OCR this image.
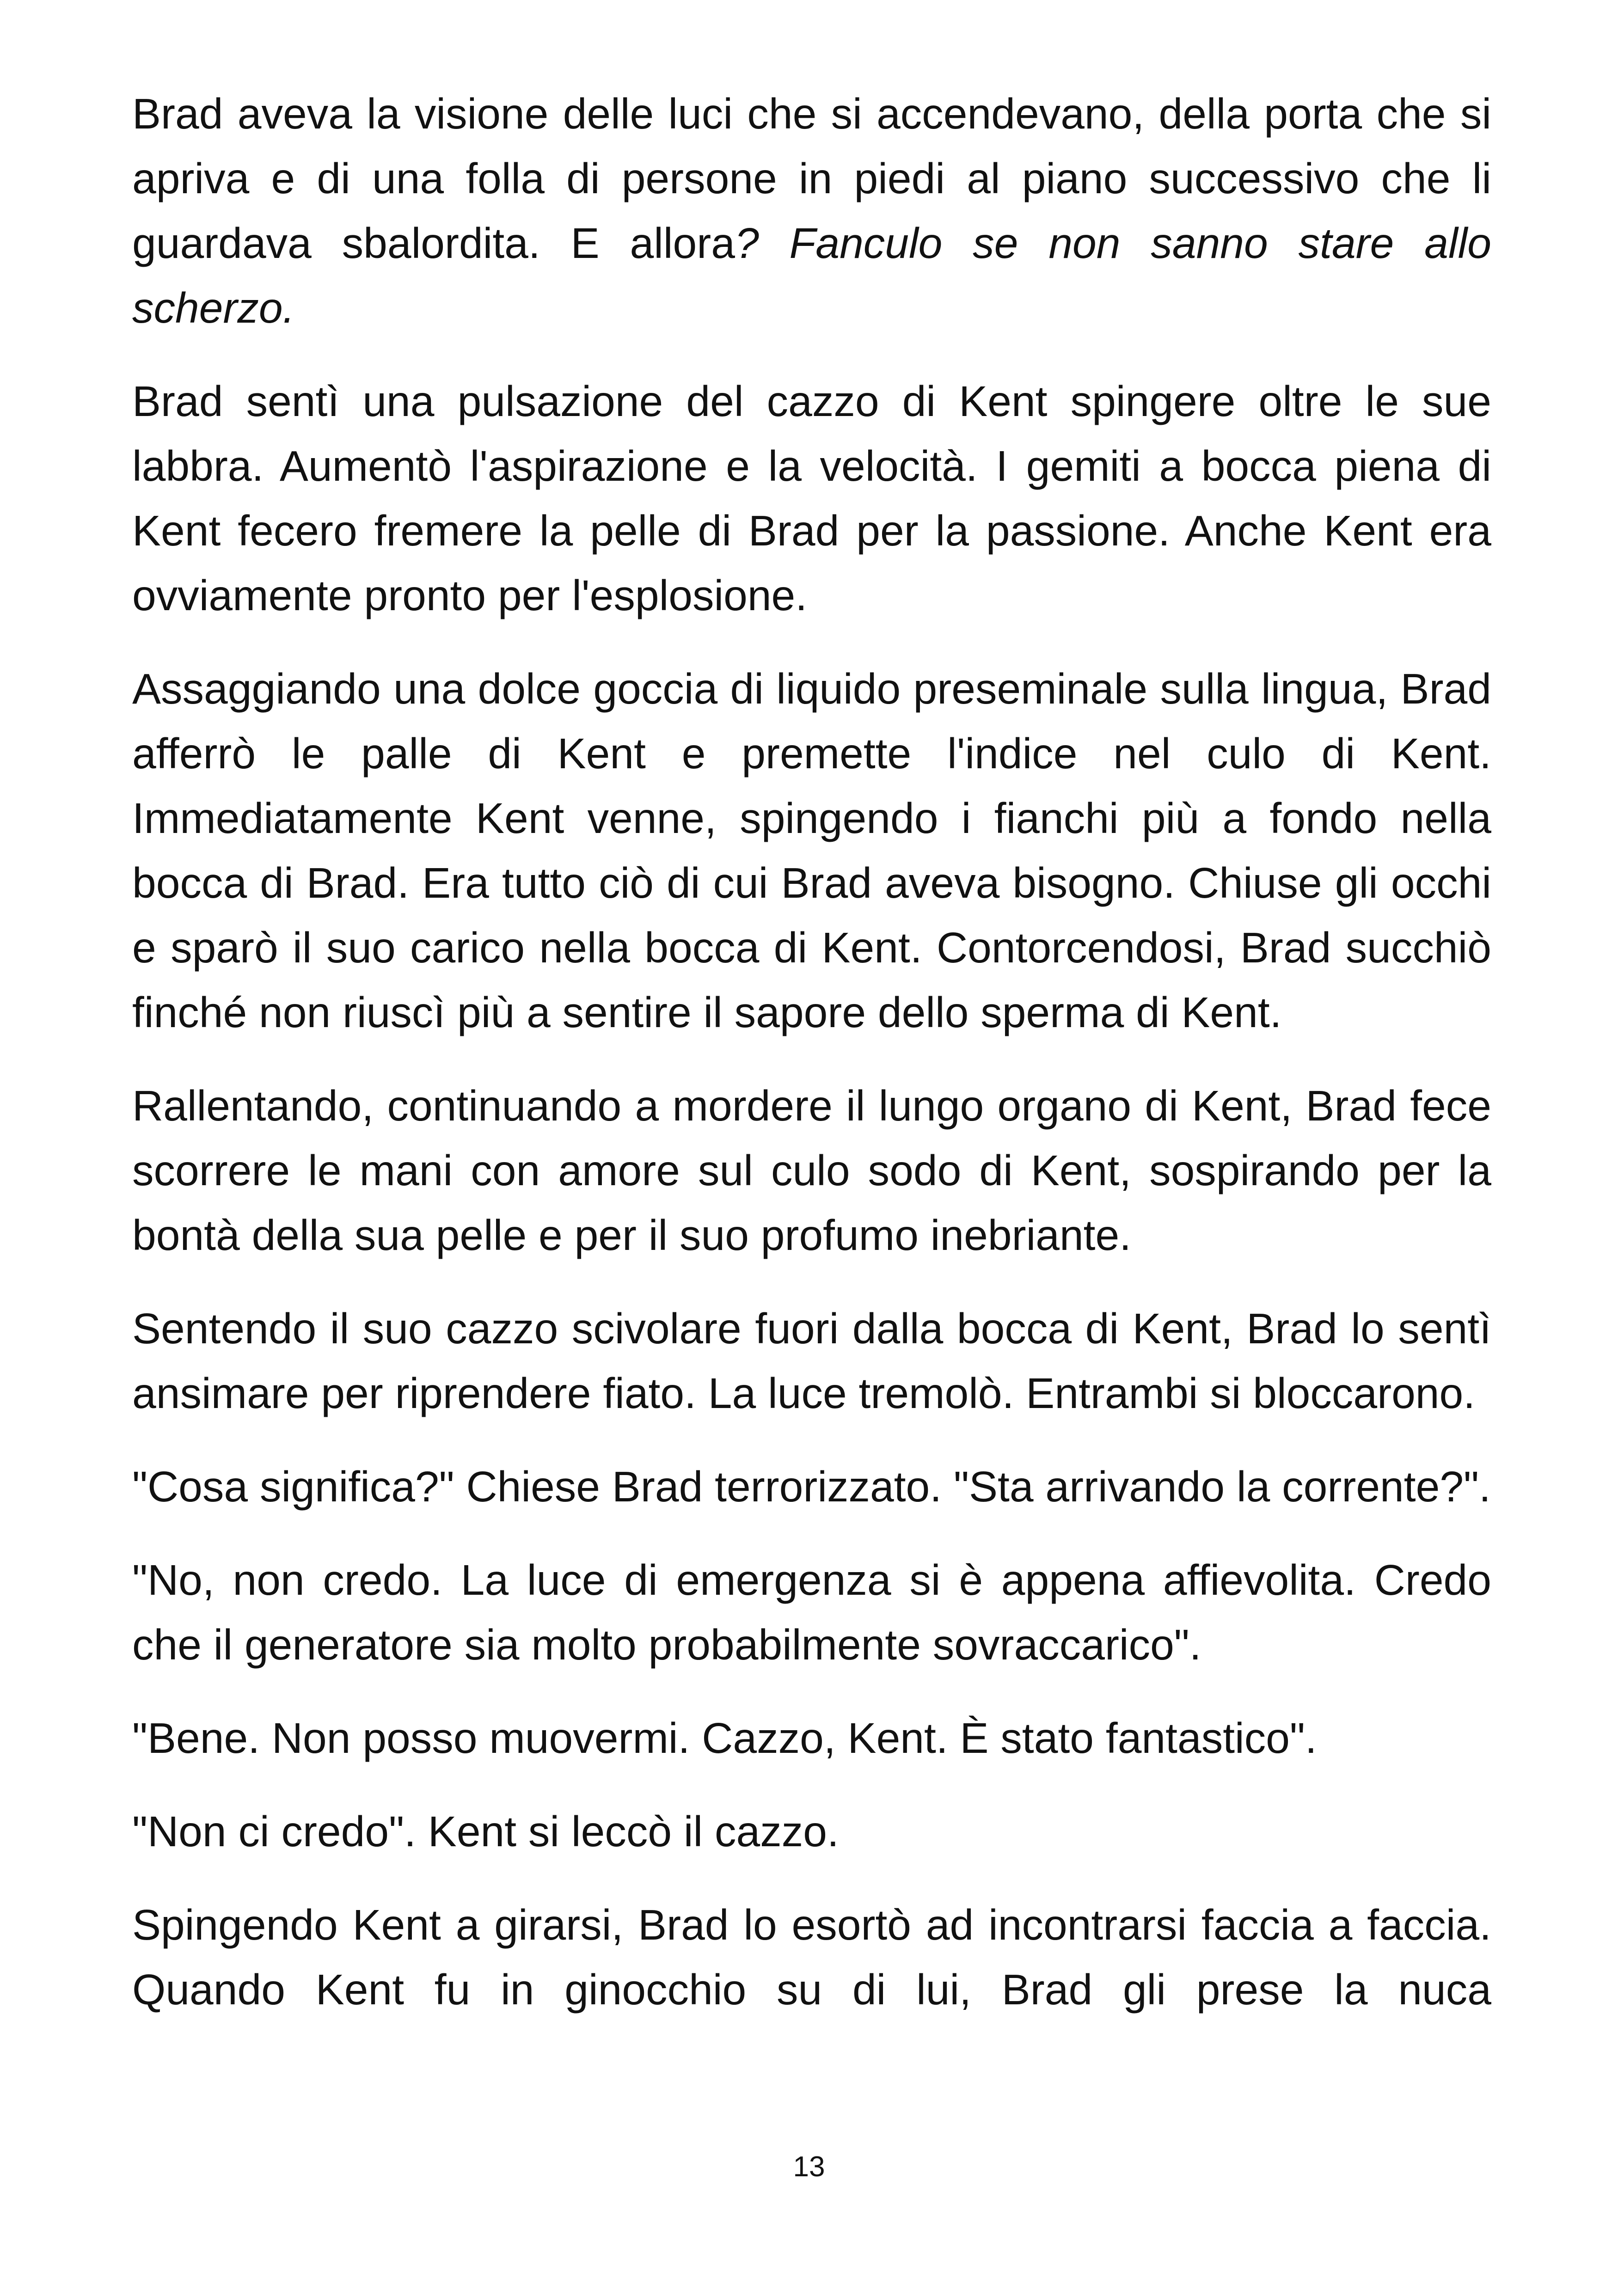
Brad aveva la visione delle luci che si accendevano, della porta che si apriva e di una folla di persone in piedi al piano successivo che li guardava sbalordita. E allora? Fanculo se non sanno stare allo scherzo.

Brad sentì una pulsazione del cazzo di Kent spingere oltre le sue labbra. Aumentò l'aspirazione e la velocità. I gemiti a bocca piena di Kent fecero fremere la pelle di Brad per la passione. Anche Kent era ovviamente pronto per l'esplosione.

Assaggiando una dolce goccia di liquido preseminale sulla lingua, Brad afferrò le palle di Kent e premette l'indice nel culo di Kent. Immediatamente Kent venne, spingendo i fianchi più a fondo nella bocca di Brad. Era tutto ciò di cui Brad aveva bisogno. Chiuse gli occhi e sparò il suo carico nella bocca di Kent. Contorcendosi, Brad succhiò finché non riuscì più a sentire il sapore dello sperma di Kent.

Rallentando, continuando a mordere il lungo organo di Kent, Brad fece scorrere le mani con amore sul culo sodo di Kent, sospirando per la bontà della sua pelle e per il suo profumo inebriante.

Sentendo il suo cazzo scivolare fuori dalla bocca di Kent, Brad lo sentì ansimare per riprendere fiato. La luce tremolò. Entrambi si bloccarono.

"Cosa significa?" Chiese Brad terrorizzato. "Sta arrivando la corrente?".

"No, non credo. La luce di emergenza si è appena affievolita. Credo che il generatore sia molto probabilmente sovraccarico".

"Bene. Non posso muovermi. Cazzo, Kent. È stato fantastico".

"Non ci credo". Kent si leccò il cazzo.

Spingendo Kent a girarsi, Brad lo esortò ad incontrarsi faccia a faccia. Quando Kent fu in ginocchio su di lui, Brad gli prese la nuca

13
